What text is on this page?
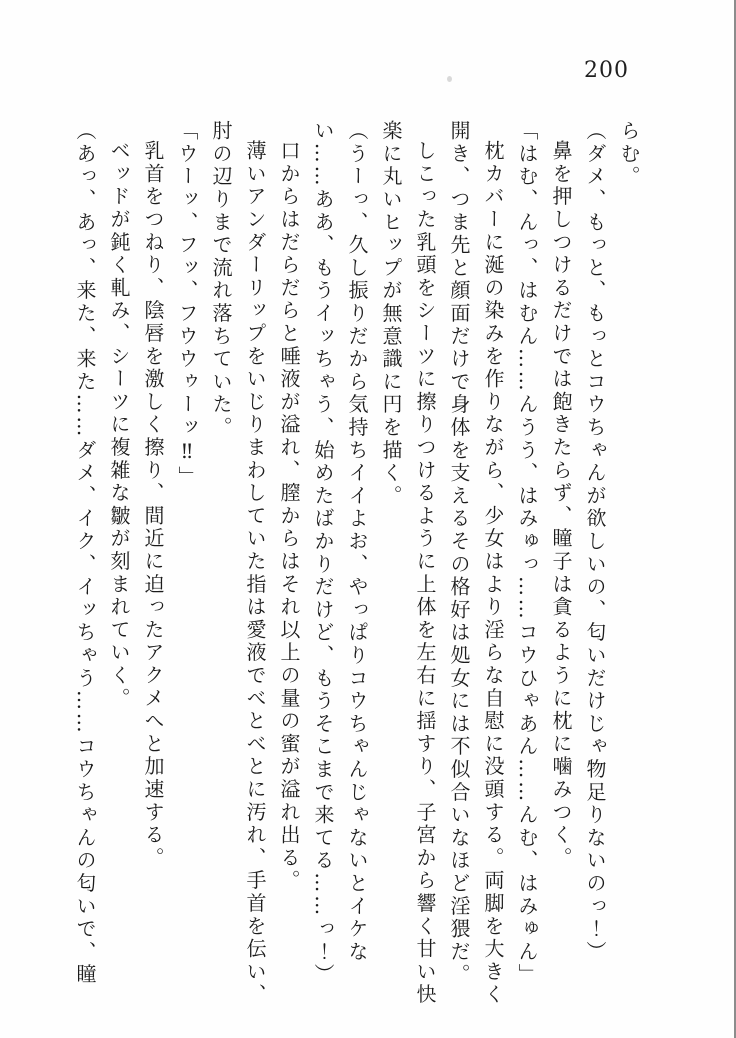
200

らむ。

（ダメ、もっと、もっとコウちゃんが欲しいの、匂いだけじゃ物足りないのっ！）

鼻を押しつけるだけでは飽きたらず、瞳子は貪るように枕に噛みつく。

「はむ、んっ、はむん……んうう、はみゅっ……コウひゃあん……んむ、はみゅん」

枕カバーに涎の染みを作りながら、少女はより淫らな自慰に没頭する。両脚を大きく開き、つま先と顔面だけで身体を支えるその格好は処女には不似合いなほど淫猥だ。

しこった乳頭をシーツに擦りつけるように上体を左右に揺すり、子宮から響く甘い快楽に丸いヒップが無意識に円を描く。

（うーっ、久し振りだから気持ちイイよお、やっぱりコウちゃんじゃないとイケない……ああ、もうイッちゃう、始めたばかりだけど、もうそこまで来てる……っ！）

口からはだらだらと唾液が溢れ、膣からはそれ以上の量の蜜が溢れ出る。

薄いアンダーリップをいじりまわしていた指は愛液でべとべとに汚れ、手首を伝い、肘の辺りまで流れ落ちていた。

「ウーッ、フッ、フウウゥーッ‼」

乳首をつねり、陰唇を激しく擦り、間近に迫ったアクメへと加速する。

ベッドが鈍く軋み、シーツに複雑な皺が刻まれていく。

（あっ、あっ、来た、来た……ダメ、イク、イッちゃう……コウちゃんの匂いで、瞳
